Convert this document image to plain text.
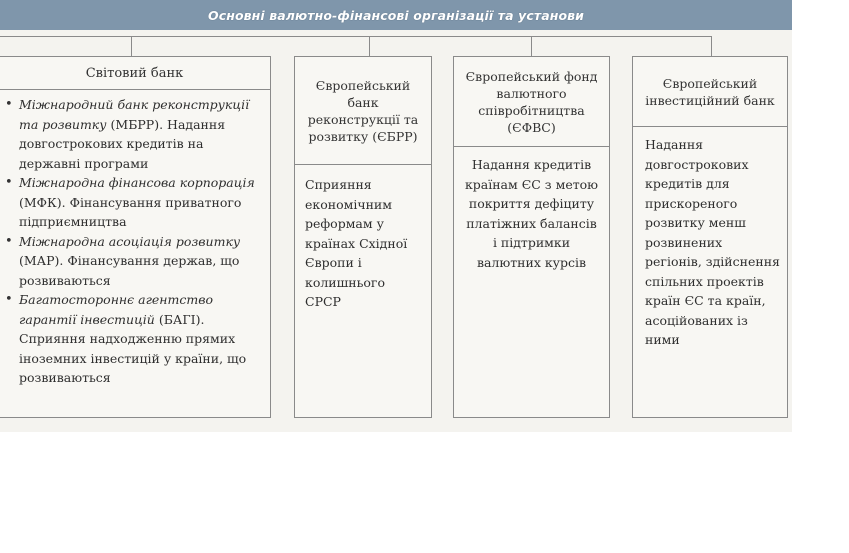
Основні валютно-фінансові організації та установи
Світовий банк
• Міжнародний банк реконструкції та розвитку (МБРР). Надання довгострокових кредитів на державні програми
• Міжнародна фінансова корпорація (МФК). Фінансування приватного підприємництва
• Міжнародна асоціація розвитку (МАР). Фінансування держав, що розвиваються
• Багатостороннє агентство гарантії інвестицій (БАГІ). Сприяння надходженню прямих іноземних інвестицій у країни, що розвиваються
Європейський банк реконструкції та розвитку (ЄБРР)
Сприяння економічним реформам у країнах Східної Європи і колишнього СРСР
Європейський фонд валютного співробітництва (ЄФВС)
Надання кредитів країнам ЄС з метою покриття дефіциту платіжних балансів і підтримки валютних курсів
Європейський інвестиційний банк
Надання довгострокових кредитів для прискореного розвитку менш розвинених регіонів, здійснення спільних проектів країн ЄС та країн, асоційованих із ними
